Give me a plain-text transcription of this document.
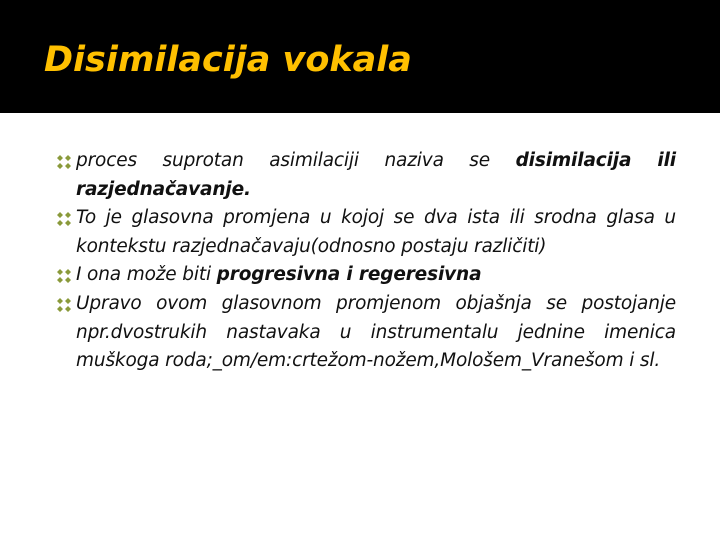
Disimilacija vokala
proces suprotan asimilaciji naziva se disimilacija ili razjednačavanje.
To je glasovna promjena u kojoj se dva ista ili srodna glasa u kontekstu razjednačavaju(odnosno postaju različiti)
I ona može biti progresivna i regeresivna
Upravo ovom glasovnom promjenom objašnja se postojanje npr.dvostrukih nastavaka u instrumentalu jednine imenica muškoga roda;_om/em:crtežom-nožem,Mološem_Vranešom i sl.
